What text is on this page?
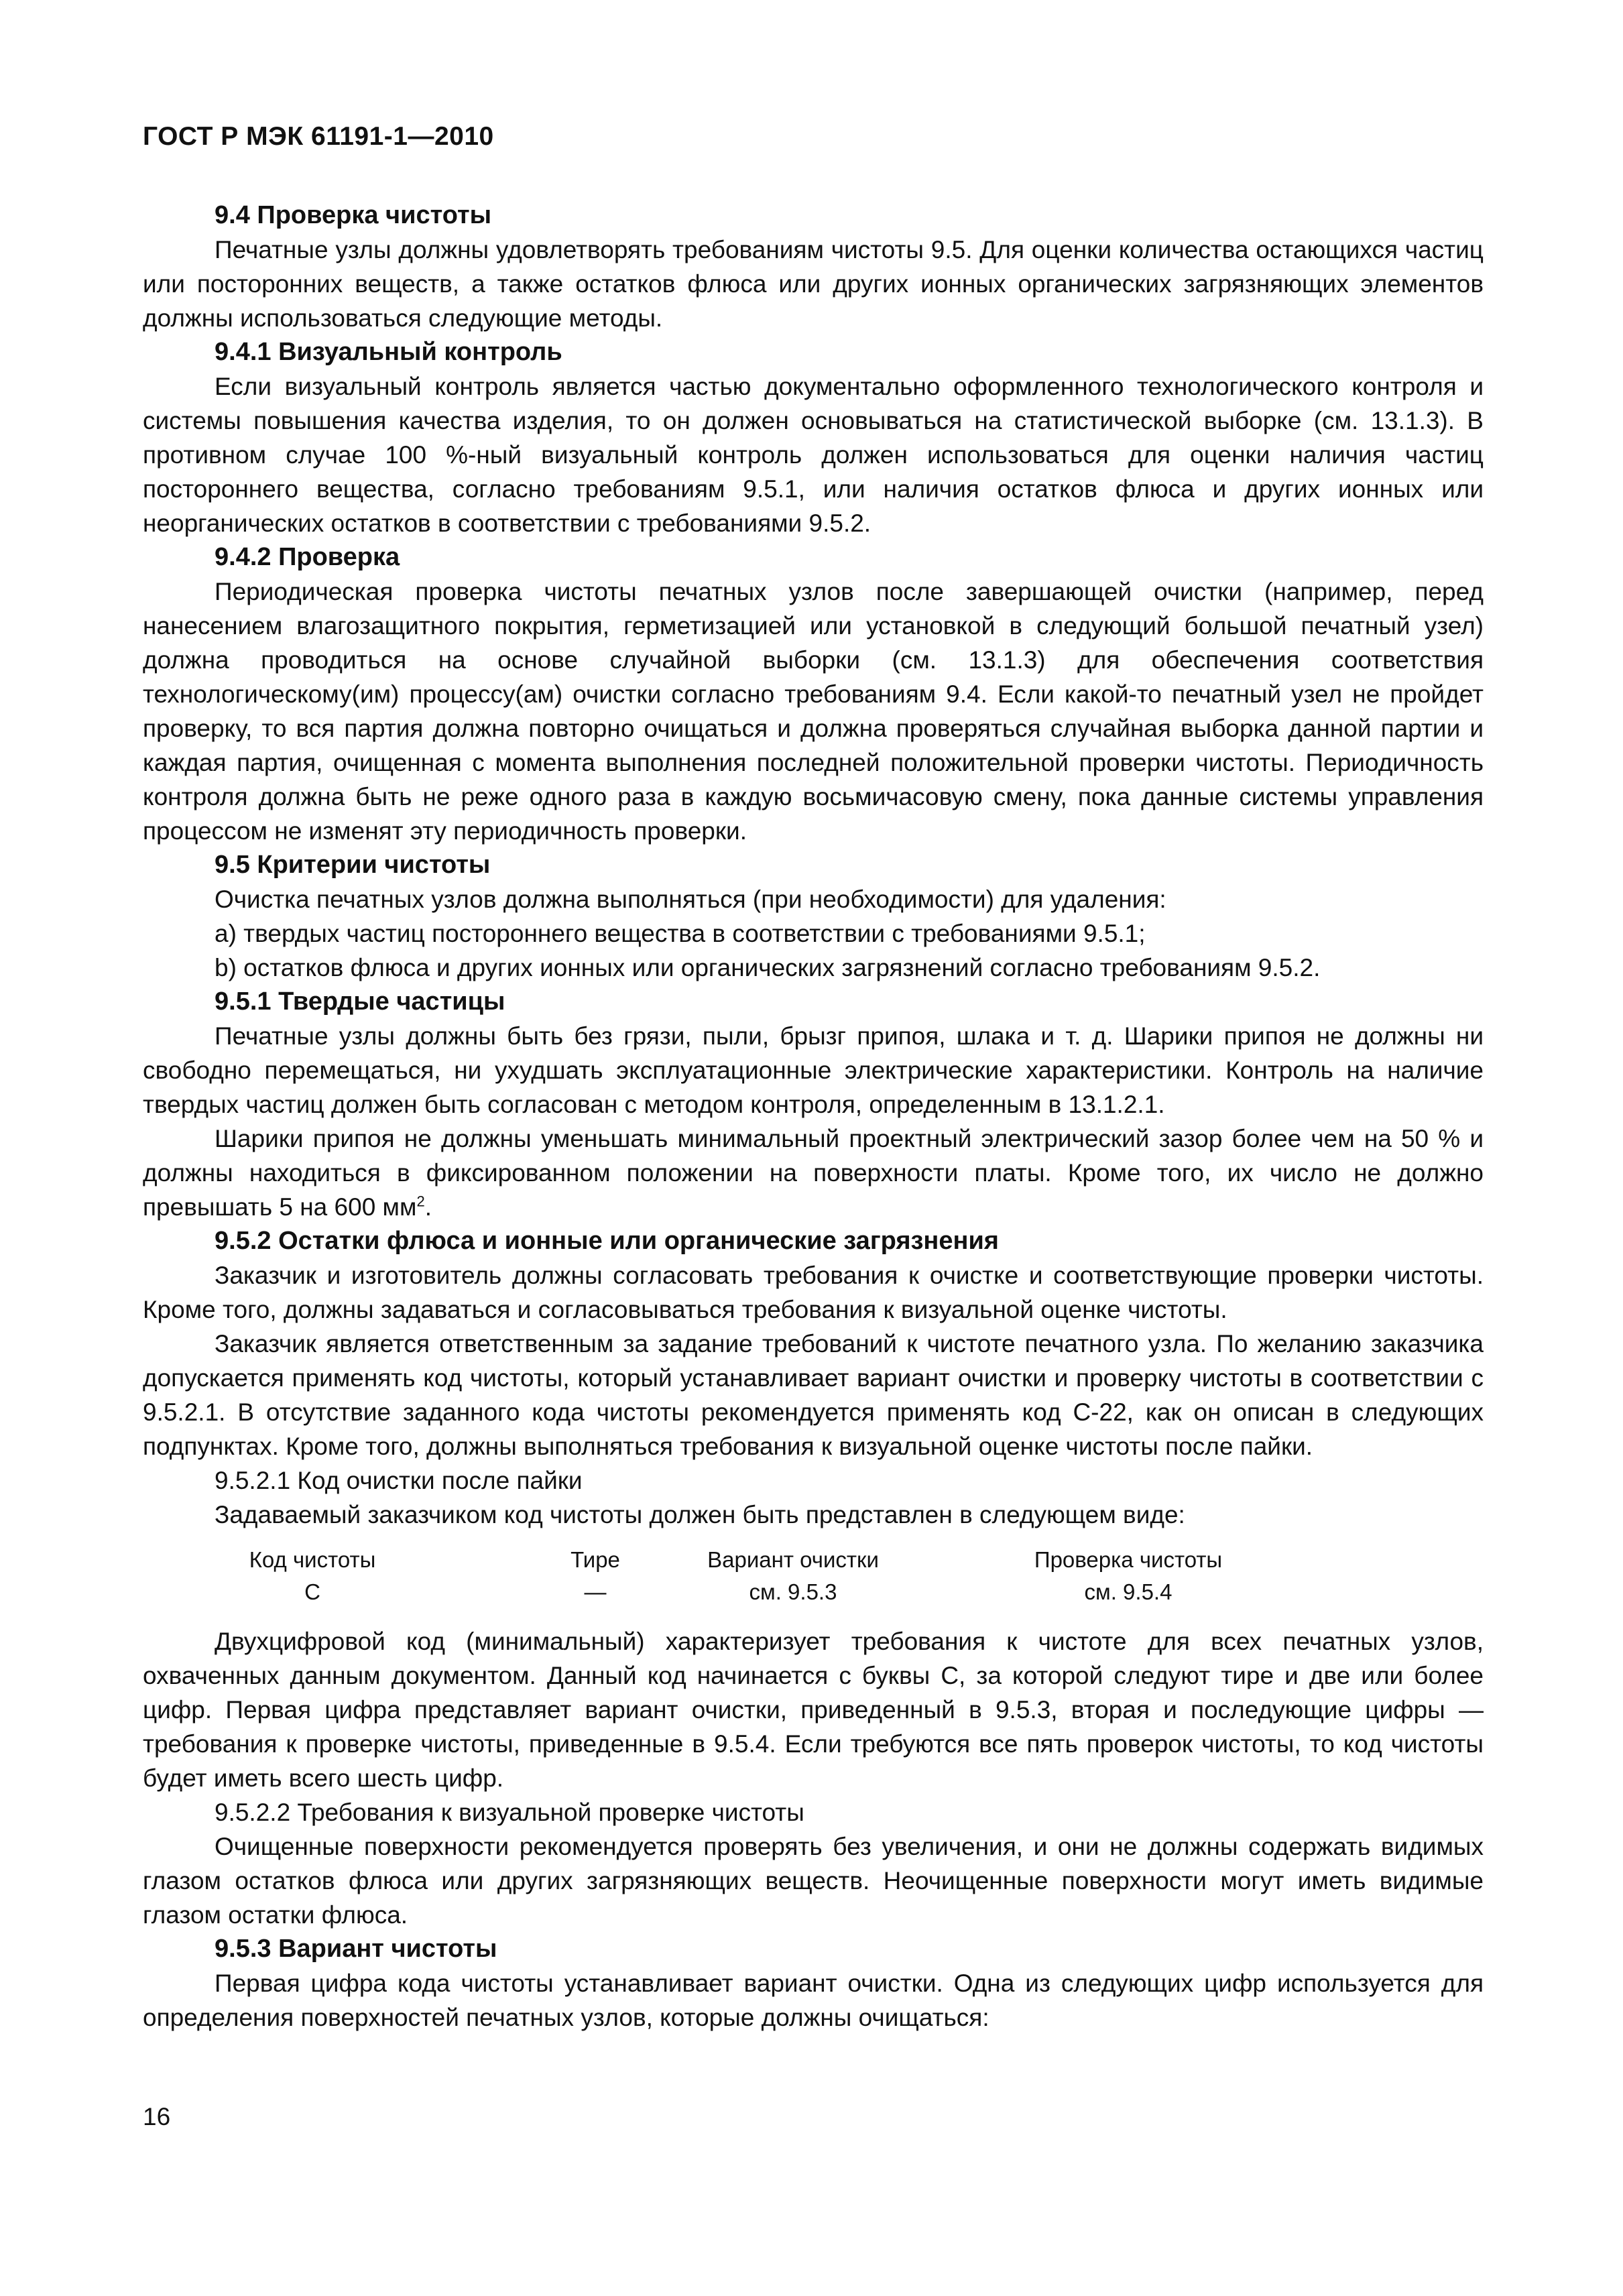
ГОСТ Р МЭК 61191-1—2010
9.4 Проверка чистоты
Печатные узлы должны удовлетворять требованиям чистоты 9.5. Для оценки количества остающихся частиц или посторонних веществ, а также остатков флюса или других ионных органических загрязняющих элементов должны использоваться следующие методы.
9.4.1 Визуальный контроль
Если визуальный контроль является частью документально оформленного технологического контроля и системы повышения качества изделия, то он должен основываться на статистической выборке (см. 13.1.3). В противном случае 100 %-ный визуальный контроль должен использоваться для оценки наличия частиц постороннего вещества, согласно требованиям 9.5.1, или наличия остатков флюса и других ионных или неорганических остатков в соответствии с требованиями 9.5.2.
9.4.2 Проверка
Периодическая проверка чистоты печатных узлов после завершающей очистки (например, перед нанесением влагозащитного покрытия, герметизацией или установкой в следующий большой печатный узел) должна проводиться на основе случайной выборки (см. 13.1.3) для обеспечения соответствия технологическому(им) процессу(ам) очистки согласно требованиям 9.4. Если какой-то печатный узел не пройдет проверку, то вся партия должна повторно очищаться и должна проверяться случайная выборка данной партии и каждая партия, очищенная с момента выполнения последней положительной проверки чистоты. Периодичность контроля должна быть не реже одного раза в каждую восьмичасовую смену, пока данные системы управления процессом не изменят эту периодичность проверки.
9.5 Критерии чистоты
Очистка печатных узлов должна выполняться (при необходимости) для удаления:
а) твердых частиц постороннего вещества в соответствии с требованиями 9.5.1;
b) остатков флюса и других ионных или органических загрязнений согласно требованиям 9.5.2.
9.5.1 Твердые частицы
Печатные узлы должны быть без грязи, пыли, брызг припоя, шлака и т. д. Шарики припоя не должны ни свободно перемещаться, ни ухудшать эксплуатационные электрические характеристики. Контроль на наличие твердых частиц должен быть согласован с методом контроля, определенным в 13.1.2.1.
Шарики припоя не должны уменьшать минимальный проектный электрический зазор более чем на 50 % и должны находиться в фиксированном положении на поверхности платы. Кроме того, их число не должно превышать 5 на 600 $мм^2$.
9.5.2 Остатки флюса и ионные или органические загрязнения
Заказчик и изготовитель должны согласовать требования к очистке и соответствующие проверки чистоты. Кроме того, должны задаваться и согласовываться требования к визуальной оценке чистоты.
Заказчик является ответственным за задание требований к чистоте печатного узла. По желанию заказчика допускается применять код чистоты, который устанавливает вариант очистки и проверку чистоты в соответствии с 9.5.2.1. В отсутствие заданного кода чистоты рекомендуется применять код С-22, как он описан в следующих подпунктах. Кроме того, должны выполняться требования к визуальной оценке чистоты после пайки.
9.5.2.1 Код очистки после пайки
Задаваемый заказчиком код чистоты должен быть представлен в следующем виде:
Код чистоты
С
Тире
—
Вариант очистки
см. 9.5.3
Проверка чистоты
см. 9.5.4
Двухцифровой код (минимальный) характеризует требования к чистоте для всех печатных узлов, охваченных данным документом. Данный код начинается с буквы С, за которой следуют тире и две или более цифр. Первая цифра представляет вариант очистки, приведенный в 9.5.3, вторая и последующие цифры — требования к проверке чистоты, приведенные в 9.5.4. Если требуются все пять проверок чистоты, то код чистоты будет иметь всего шесть цифр.
9.5.2.2 Требования к визуальной проверке чистоты
Очищенные поверхности рекомендуется проверять без увеличения, и они не должны содержать видимых глазом остатков флюса или других загрязняющих веществ. Неочищенные поверхности могут иметь видимые глазом остатки флюса.
9.5.3 Вариант чистоты
Первая цифра кода чистоты устанавливает вариант очистки. Одна из следующих цифр используется для определения поверхностей печатных узлов, которые должны очищаться:
16
